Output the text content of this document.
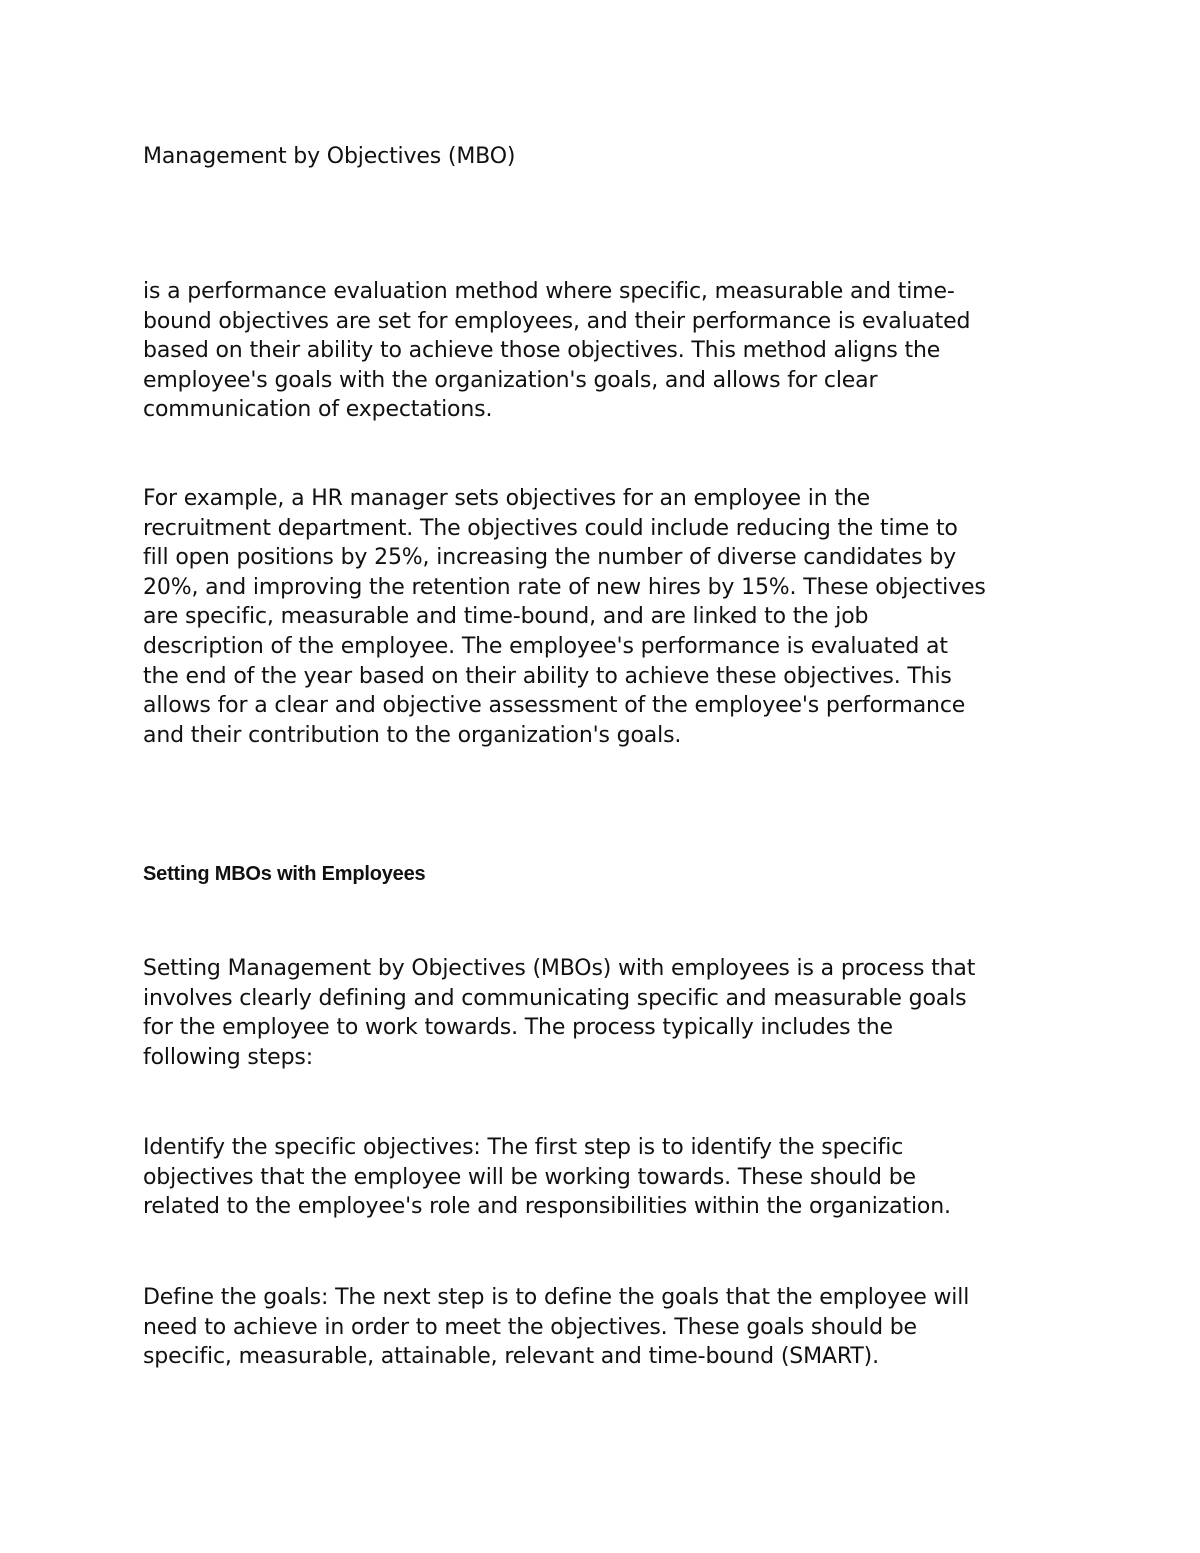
Management by Objectives (MBO)

is a performance evaluation method where specific, measurable and time-
bound objectives are set for employees, and their performance is evaluated
based on their ability to achieve those objectives. This method aligns the
employee's goals with the organization's goals, and allows for clear
communication of expectations.

For example, a HR manager sets objectives for an employee in the
recruitment department. The objectives could include reducing the time to
fill open positions by 25%, increasing the number of diverse candidates by
20%, and improving the retention rate of new hires by 15%. These objectives
are specific, measurable and time-bound, and are linked to the job
description of the employee. The employee's performance is evaluated at
the end of the year based on their ability to achieve these objectives. This
allows for a clear and objective assessment of the employee's performance
and their contribution to the organization's goals.

Setting MBOs with Employees

Setting Management by Objectives (MBOs) with employees is a process that
involves clearly defining and communicating specific and measurable goals
for the employee to work towards. The process typically includes the
following steps:

Identify the specific objectives: The first step is to identify the specific
objectives that the employee will be working towards. These should be
related to the employee's role and responsibilities within the organization.

Define the goals: The next step is to define the goals that the employee will
need to achieve in order to meet the objectives. These goals should be
specific, measurable, attainable, relevant and time-bound (SMART).
